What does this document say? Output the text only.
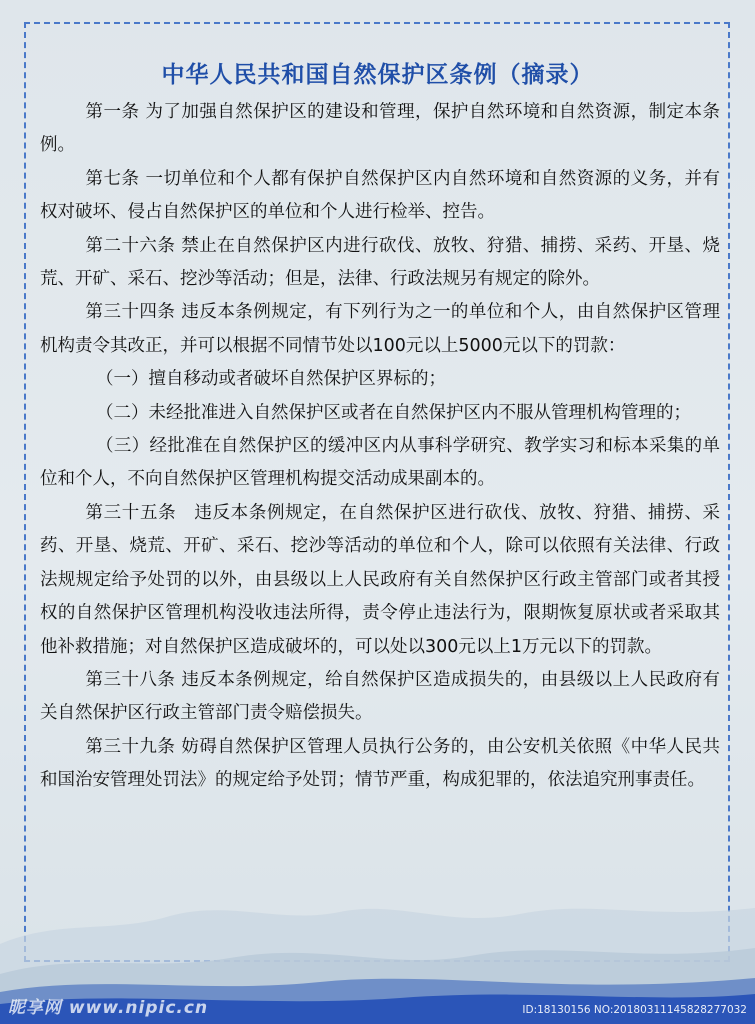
中华人民共和国自然保护区条例（摘录）

第一条 为了加强自然保护区的建设和管理，保护自然环境和自然资源，制定本条例。

第七条 一切单位和个人都有保护自然保护区内自然环境和自然资源的义务，并有权对破坏、侵占自然保护区的单位和个人进行检举、控告。

第二十六条 禁止在自然保护区内进行砍伐、放牧、狩猎、捕捞、采药、开垦、烧荒、开矿、采石、挖沙等活动；但是，法律、行政法规另有规定的除外。

第三十四条 违反本条例规定，有下列行为之一的单位和个人，由自然保护区管理机构责令其改正，并可以根据不同情节处以100元以上5000元以下的罚款：

（一）擅自移动或者破坏自然保护区界标的；

（二）未经批准进入自然保护区或者在自然保护区内不服从管理机构管理的；

（三）经批准在自然保护区的缓冲区内从事科学研究、教学实习和标本采集的单位和个人，不向自然保护区管理机构提交活动成果副本的。

第三十五条　违反本条例规定，在自然保护区进行砍伐、放牧、狩猎、捕捞、采药、开垦、烧荒、开矿、采石、挖沙等活动的单位和个人，除可以依照有关法律、行政法规规定给予处罚的以外，由县级以上人民政府有关自然保护区行政主管部门或者其授权的自然保护区管理机构没收违法所得，责令停止违法行为，限期恢复原状或者采取其他补救措施；对自然保护区造成破坏的，可以处以300元以上1万元以下的罚款。

第三十八条 违反本条例规定，给自然保护区造成损失的，由县级以上人民政府有关自然保护区行政主管部门责令赔偿损失。

第三十九条 妨碍自然保护区管理人员执行公务的，由公安机关依照《中华人民共和国治安管理处罚法》的规定给予处罚；情节严重，构成犯罪的，依法追究刑事责任。

昵享网 www.nipic.cn	ID:18130156 NO:20180311145828277032
